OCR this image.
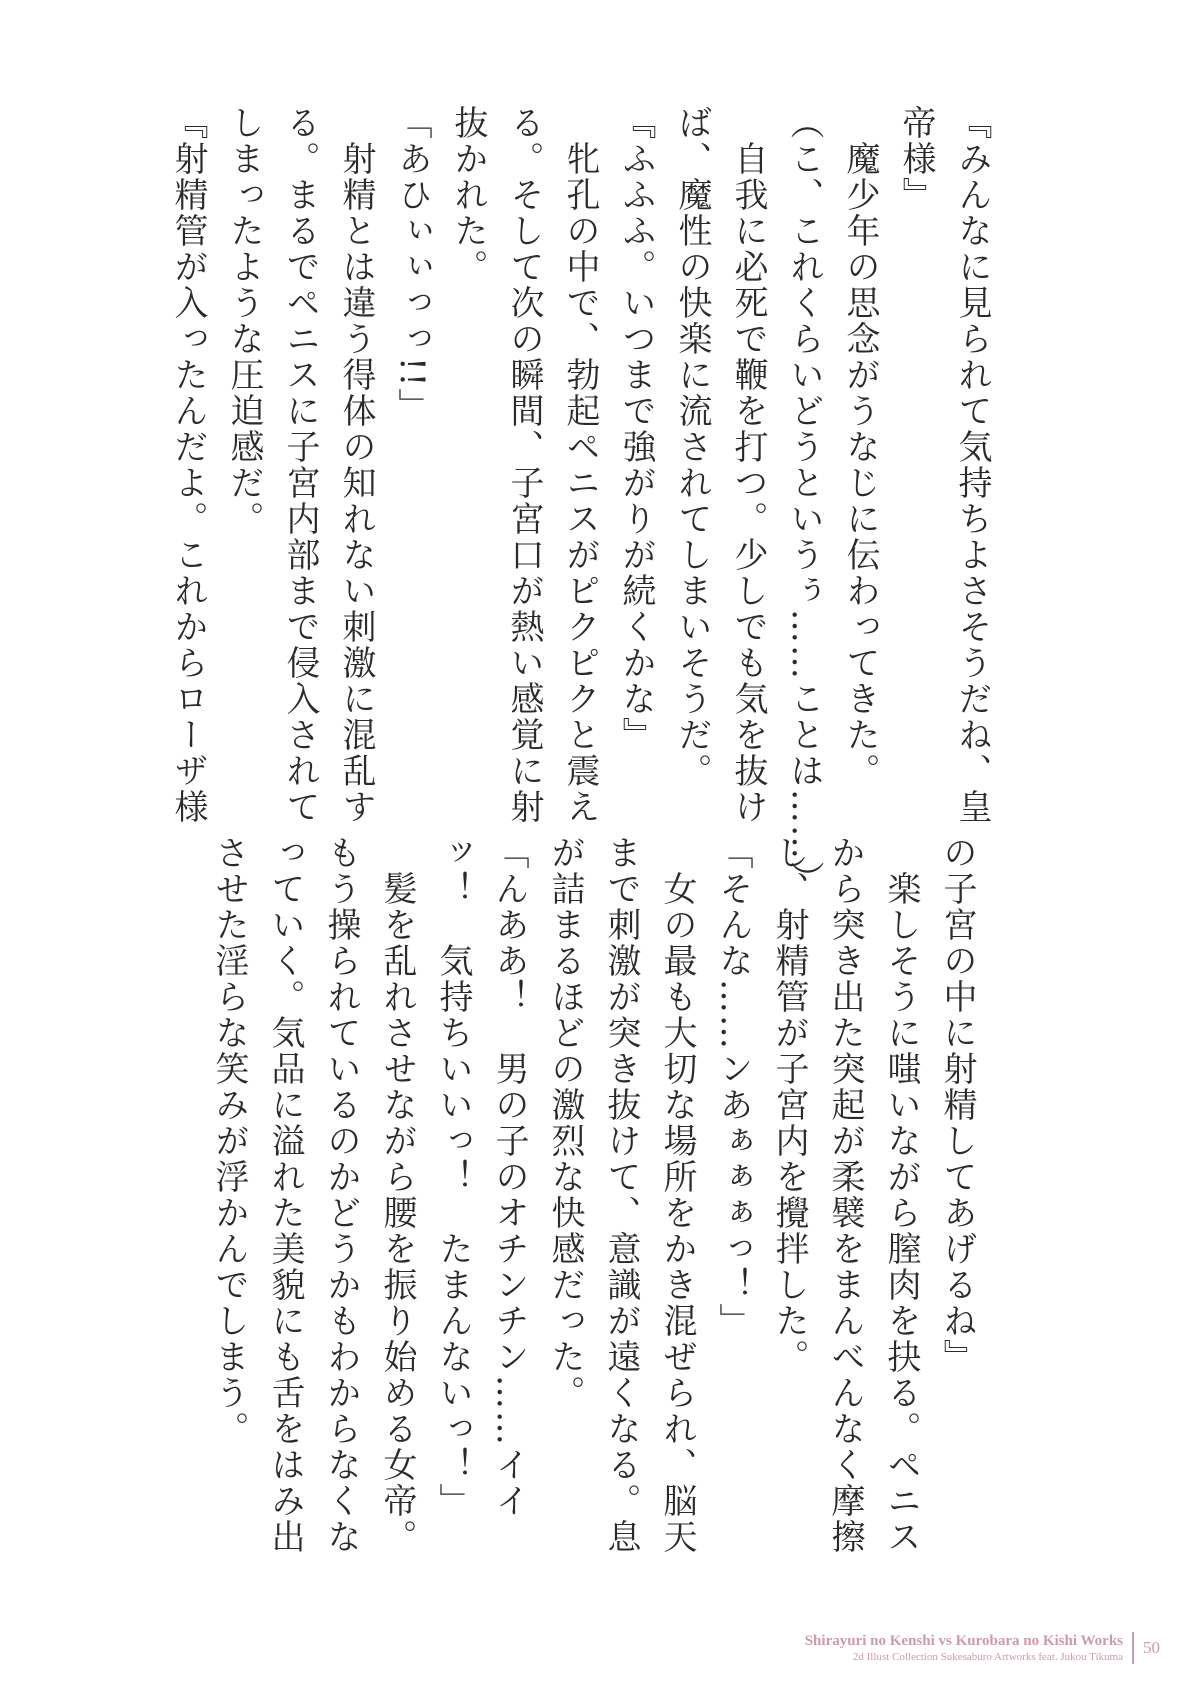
『みんなに見られて気持ちよさそうだね、皇
帝様』
　魔少年の思念がうなじに伝わってきた。
（こ、これくらいどうというぅ……ことは……）
　自我に必死で鞭を打つ。少しでも気を抜け
ば、魔性の快楽に流されてしまいそうだ。
『ふふふ。いつまで強がりが続くかな』
　牝孔の中で、勃起ペニスがピクピクと震え
る。そして次の瞬間、子宮口が熱い感覚に射
抜かれた。
「あひぃぃっっ!!」
　射精とは違う得体の知れない刺激に混乱す
る。まるでペニスに子宮内部まで侵入されて
しまったような圧迫感だ。
『射精管が入ったんだよ。これからローザ様
の子宮の中に射精してあげるね』
　楽しそうに嗤いながら膣肉を抉る。ペニス
から突き出た突起が柔襞をまんべんなく摩擦
し、射精管が子宮内を攪拌した。
「そんな……ンあぁぁぁっ！」
　女の最も大切な場所をかき混ぜられ、脳天
まで刺激が突き抜けて、意識が遠くなる。息
が詰まるほどの激烈な快感だった。
「んああ！　男の子のオチンチン……イイ
ッ！　気持ちいいっ！　たまんないっ！」
　髪を乱れさせながら腰を振り始める女帝。
もう操られているのかどうかもわからなくな
っていく。気品に溢れた美貌にも舌をはみ出
させた淫らな笑みが浮かんでしまう。
Shirayuri no Kenshi vs Kurobara no Kishi Works
2d Illust Collection Sukesaburo Artworks feat. Jukou Tikuma 50
